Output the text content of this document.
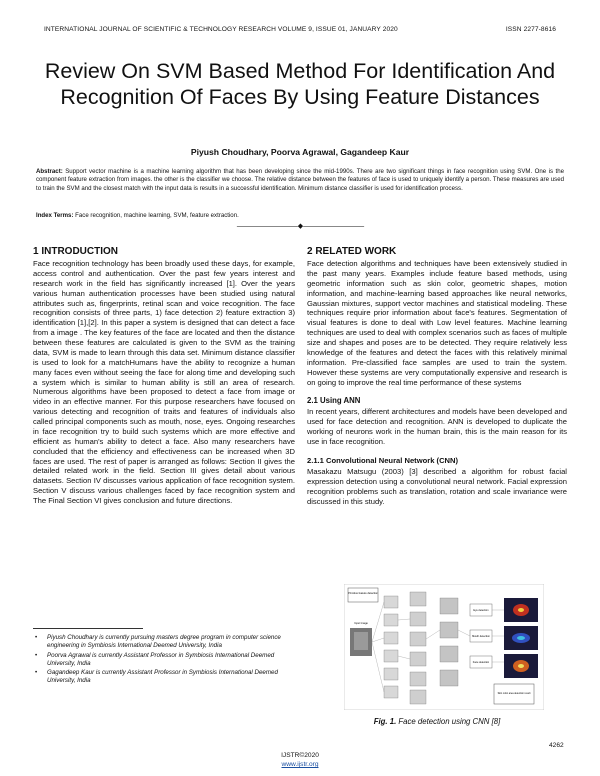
INTERNATIONAL JOURNAL OF SCIENTIFIC & TECHNOLOGY RESEARCH VOLUME 9, ISSUE 01, JANUARY 2020	ISSN 2277-8616
Review On SVM Based Method For Identification And Recognition Of Faces By Using Feature Distances
Piyush Choudhary, Poorva Agrawal, Gagandeep Kaur
Abstract: Support vector machine is a machine learning algorithm that has been developing since the mid-1990s. There are two significant things in face recognition using SVM. One is the component feature extraction from images. the other is the classifier we choose. The relative distance between the features of face is used to uniquely identify a person. These measures are used to train the SVM and the closest match with the input data is results in a successful identification. Minimum distance classifier is used for identification process.
Index Terms: Face recognition, machine learning, SVM, feature extraction.
—————————— ◆ ——————————
1 INTRODUCTION

Face recognition technology has been broadly used these days, for example, access control and authentication. Over the past few years interest and research work in the field has significantly increased [1]. Over the years various human authentication processes have been studied using natural attributes such as, fingerprints, retinal scan and voice recognition. The face recognition consists of three parts, 1) face detection 2) feature extraction 3) identification [1],[2]. In this paper a system is designed that can detect a face from a image . The key features of the face are located and then the distance between these features are calculated is given to the SVM as the training data, SVM is made to learn through this data set. Minimum distance classifier is used to look for a matchHumans have the ability to recognize a human many faces even without seeing the face for along time and developing such a system which is similar to human ability is still an area of research. Numerous algorithms have been proposed to detect a face from image or video in an effective manner. For this purpose researchers have focused on various detecting and recognition of traits and features of individuals also called principal components such as mouth, nose, eyes. Ongoing researches in face recognition try to build such systems which are more effective and efficient as human's ability to detect a face. Also many researchers have concluded that the efficiency and effectiveness can be increased when 3D faces are used. The rest of paper is arranged as follows: Section II gives the detailed related work in the field. Section III gives detail about various datasets. Section IV discusses various application of face recognition system. Section V discuss various challenges faced by face recognition system and The Final Section VI gives conclusion and future directions.

• Piyush Choudhary is currently pursuing masters degree program in computer science engineering in Symbiosis International Deemed University, India
• Poorva Agrawal is currently Assistant Professor in Symbiosis International Deemed University, India
• Gagandeep Kaur is currently Assistant Professor in Symbiosis International Deemed University, India
2 RELATED WORK

Face detection algorithms and techniques have been extensively studied in the past many years. Examples include feature based methods, using geometric information such as skin color, geometric shapes, motion information, and machine-learning based approaches like neural networks, Gaussian mixtures, support vector machines and statistical modeling. These techniques require prior information about face's features. Segmentation of visual features is done to deal with Low level features. Machine learning techniques are used to deal with complex scenarios such as faces of multiple size and shapes and poses are to be detected. They require relatively less knowledge of the features and detect the faces with this relatively minimal information. Pre-classified face samples are used to train the system. However these systems are very computationally expensive and research is on going to improve the real time performance of these systems

2.1 Using ANN

In recent years, different architectures and models have been developed and used for face detection and recognition. ANN is developed to duplicate the working of neurons work in the human brain, this is the main reason for its use in face recognition.

2.1.1 Convolutional Neural Network (CNN)

Masakazu Matsugu (2003) [3] described a algorithm for robust facial expression detection using a convolutional neural network. Facial expression recognition problems such as translation, rotation and scale invariance were discussed in this study.

Primitive feature detection
Input Image
Eye detection
Mouth detection
Face detection
Skin color area detection result
Fig. 1. Face detection using CNN [8]
4262
IJSTR©2020
www.ijstr.org
